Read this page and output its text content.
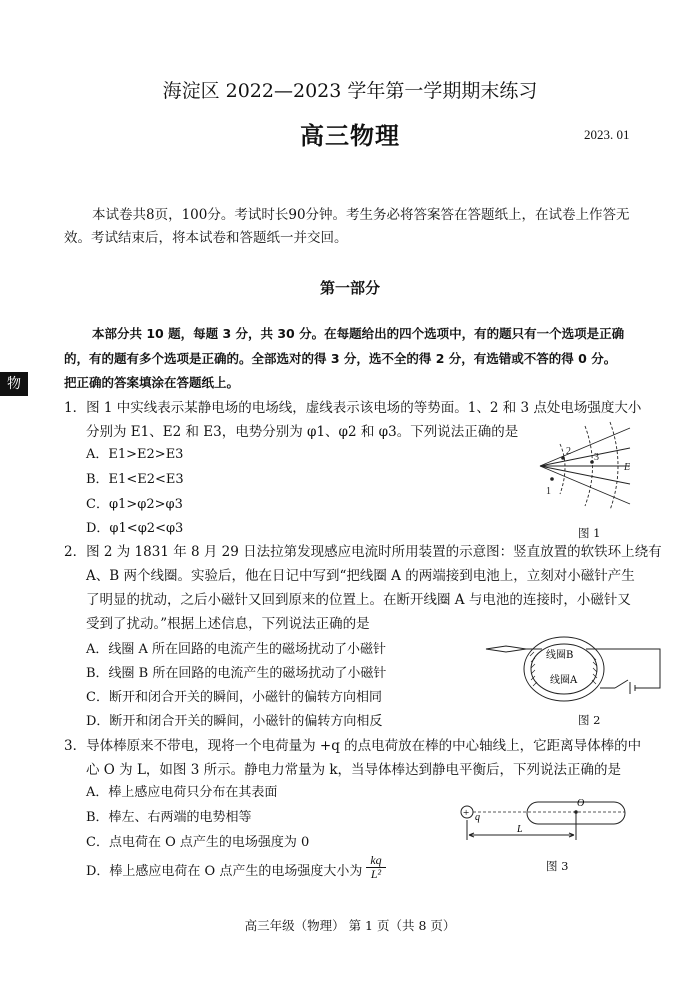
海淀区 2022—2023 学年第一学期期末练习
高三物理	2023. 01
本试卷共8页，100分。考试时长90分钟。考生务必将答案答在答题纸上，在试卷上作答无
效。考试结束后，将本试卷和答题纸一并交回。
第一部分
本部分共 10 题，每题 3 分，共 30 分。在每题给出的四个选项中，有的题只有一个选项是正确
的，有的题有多个选项是正确的。全部选对的得 3 分，选不全的得 2 分，有选错或不答的得 0 分。
把正确的答案填涂在答题纸上。
物
1．图 1 中实线表示某静电场的电场线，虚线表示该电场的等势面。1、2 和 3 点处电场强度大小
分别为 E1、E2 和 E3，电势分别为 φ1、φ2 和 φ3。下列说法正确的是
A．E1>E2>E3
B．E1<E2<E3
C．φ1>φ2>φ3
D．φ1<φ2<φ3
1
2
3
E
图 1
2．图 2 为 1831 年 8 月 29 日法拉第发现感应电流时所用装置的示意图：竖直放置的软铁环上绕有
A、B 两个线圈。实验后，他在日记中写到“把线圈 A 的两端接到电池上，立刻对小磁针产生
了明显的扰动，之后小磁针又回到原来的位置上。在断开线圈 A 与电池的连接时，小磁针又
受到了扰动。”根据上述信息，下列说法正确的是
A．线圈 A 所在回路的电流产生的磁场扰动了小磁针
B．线圈 B 所在回路的电流产生的磁场扰动了小磁针
C．断开和闭合开关的瞬间，小磁针的偏转方向相同
D．断开和闭合开关的瞬间，小磁针的偏转方向相反
线圈B
线圈A
图 2
3．导体棒原来不带电，现将一个电荷量为 +q 的点电荷放在棒的中心轴线上，它距离导体棒的中
心 O 为 L，如图 3 所示。静电力常量为 k，当导体棒达到静电平衡后，下列说法正确的是
A．棒上感应电荷只分布在其表面
B．棒左、右两端的电势相等
C．点电荷在 O 点产生的电场强度为 0
D．棒上感应电荷在 O 点产生的电场强度大小为 $\frac{kq}{\text{L²}}$
+ q
O
L
图 3
高三年级（物理） 第 1 页（共 8 页）
